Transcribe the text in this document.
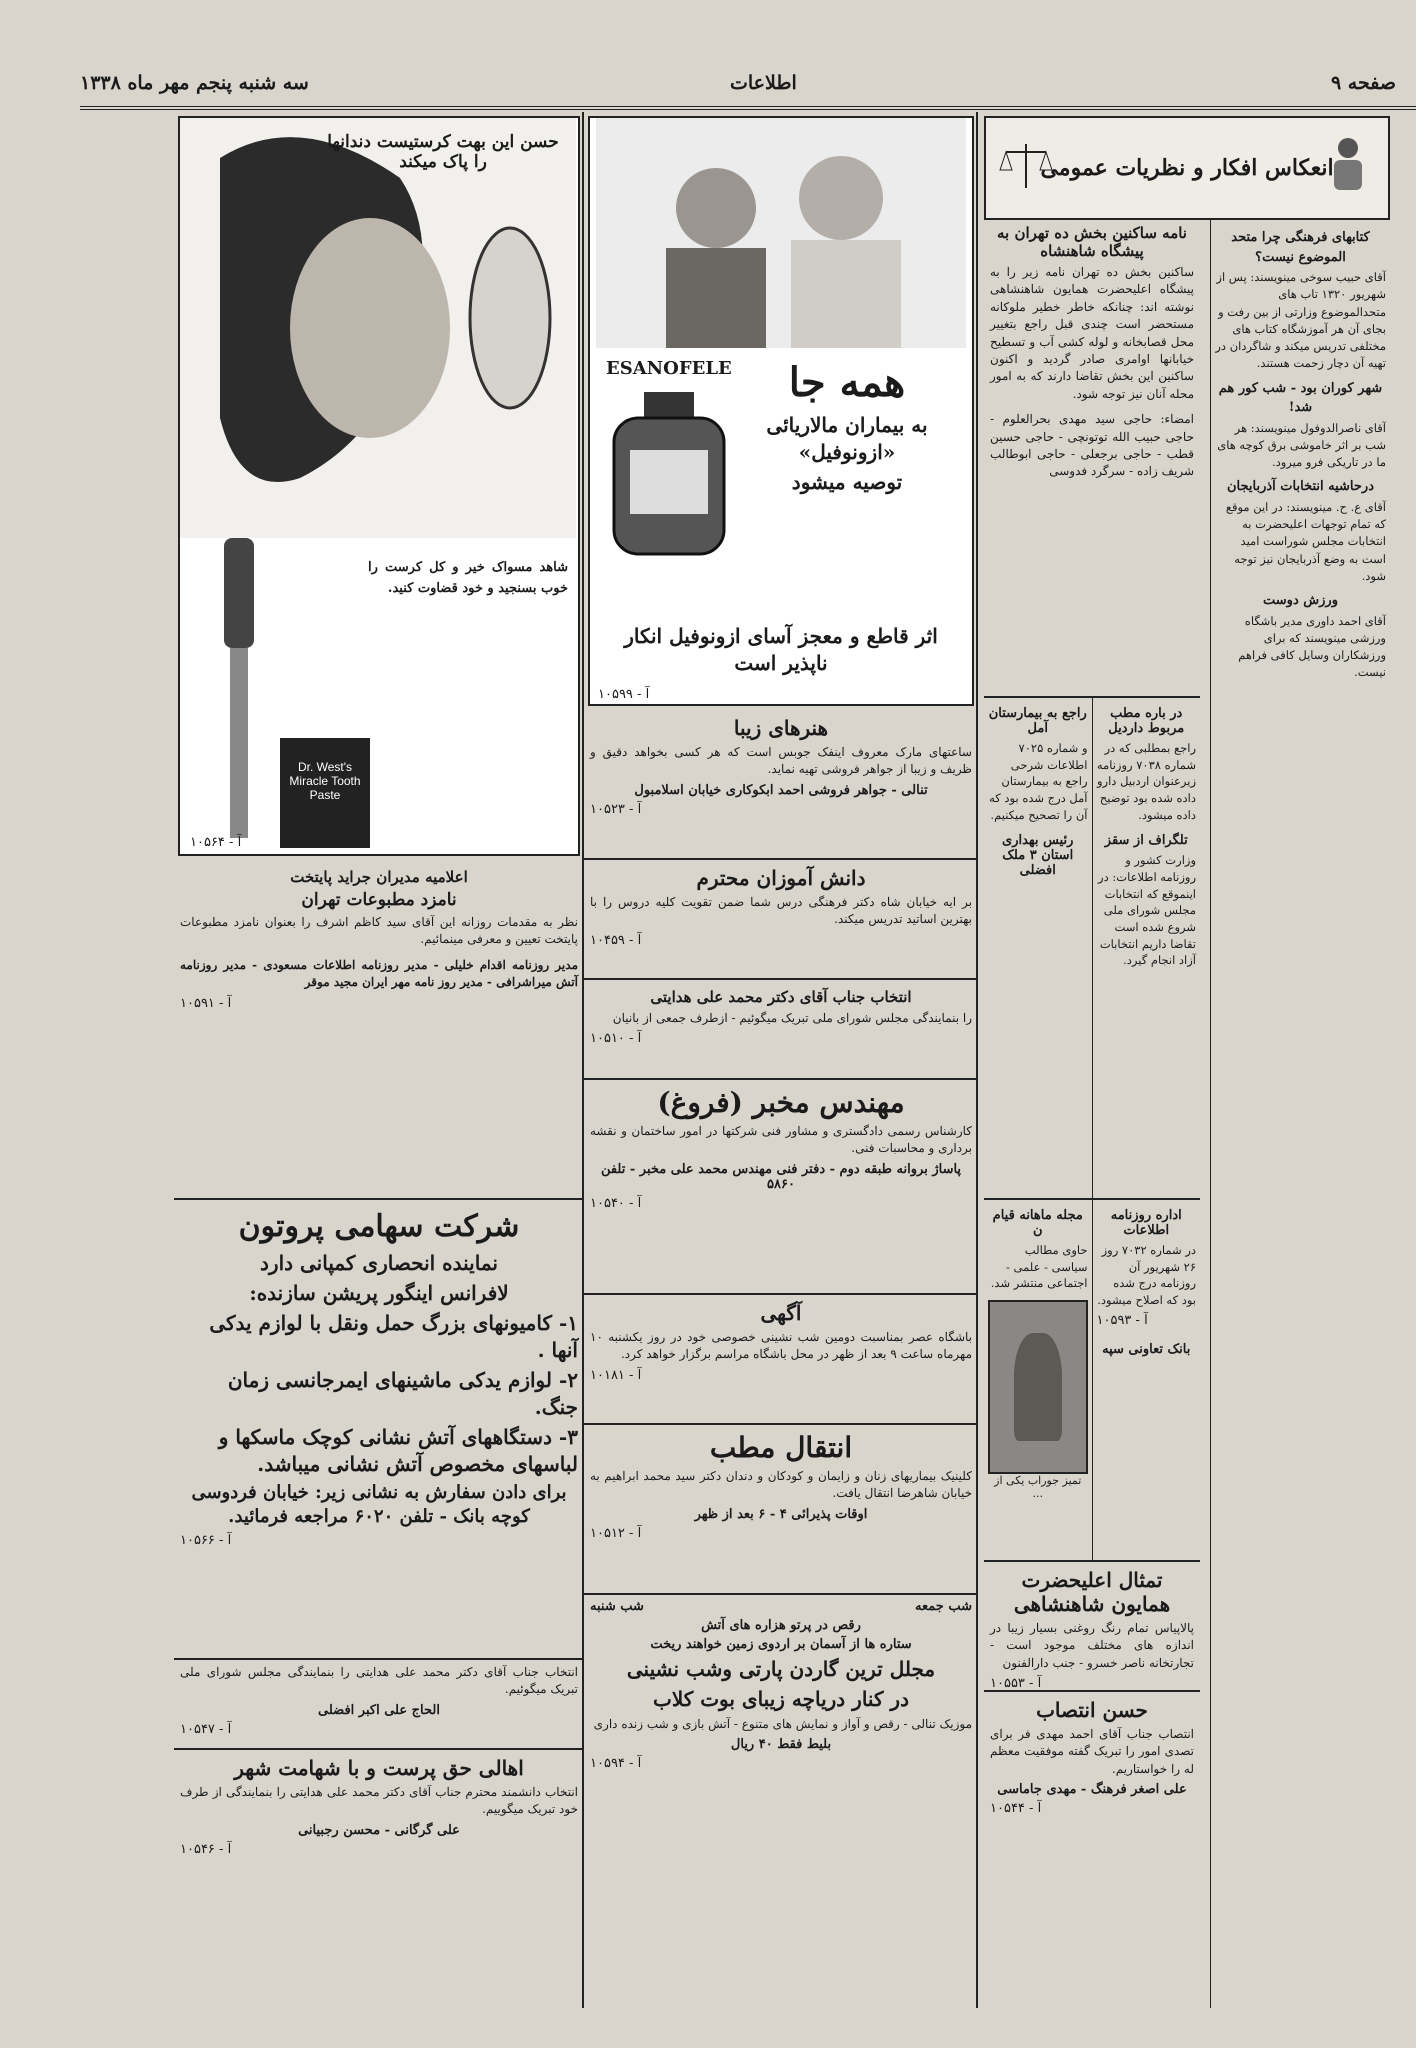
سه شنبه پنجم مهر ماه ۱۳۳۸	اطلاعات	صفحه ۹
انعکاس افکار و نظریات عمومی
کتابهای فرهنگی چرا متحد الموضوع نیست؟
آقای حبیب سوخی مینویسند: پس از شهریور ۱۳۲۰ تاب های متحدالموضوع وزارتی از بین رفت و بجای آن هر آموزشگاه کتاب های مختلفی تدریس میکند و شاگردان در تهیه آن دچار زحمت هستند.
شهر کوران بود - شب کور هم شد!
آقای ناصرالدوفول مینویسند: هر شب بر اثر خاموشی برق کوچه های ما در تاریکی فرو میرود.
درحاشیه انتخابات آذربایجان
آقای ع. ح. مینویسند: در این موقع که تمام توجهات اعلیحضرت به انتخابات مجلس شوراست امید است به وضع آذربایجان نیز توجه شود.
ورزش دوست
آقای احمد داوری مدیر باشگاه ورزشی مینویسند که برای ورزشکاران وسایل کافی فراهم نیست.
نامه ساکنین بخش ده تهران به پیشگاه شاهنشاه

ساکنین بخش ده تهران نامه زیر را به پیشگاه اعلیحضرت همایون شاهنشاهی نوشته اند: چنانکه خاطر خطیر ملوکانه مستحضر است چندی قبل راجع بتغییر محل قصابخانه و لوله کشی آب و تسطیح خیابانها اوامری صادر گردید و اکنون ساکنین این بخش تقاضا دارند که به امور محله آنان نیز توجه شود.

امضاء: حاجی سید مهدی بحرالعلوم - حاجی حبیب الله توتونچی - حاجی حسین قطب - حاجی برجعلی - حاجی ابوطالب شریف زاده - سرگرد فدوسی

در باره مطب مربوط داردیل

راجع بمطلبی که در شماره ۷۰۳۸ روزنامه زیرعنوان اردبیل دارو داده شده بود توضیح داده میشود.

تلگراف از سقز

وزارت کشور و روزنامه اطلاعات: در اینموقع که انتخابات مجلس شورای ملی شروع شده است تقاضا داریم انتخابات آزاد انجام گیرد.

راجع به بیمارستان آمل

و شماره ۷۰۲۵ اطلاعات شرحی راجع به بیمارستان آمل درج شده بود که آن را تصحیح میکنیم.

رئیس بهداری استان ۳ ملک افضلی
اداره روزنامه اطلاعات

در شماره ۷۰۳۲ روز ۲۶ شهریور آن روزنامه درج شده بود که اصلاح میشود.

آ - ۱۰۵۹۳
بانک تعاونی سپه
مجله ماهانه قیام ن

حاوی مطالب سیاسی - علمی - اجتماعی منتشر شد.

تمیز جوراب یکی از ...
تمثال اعلیحضرت همایون شاهنشاهی

پالاپیاس تمام رنگ روغنی بسیار زیبا در اندازه های مختلف موجود است - تجارتخانه ناصر خسرو - جنب دارالفنون

آ - ۱۰۵۵۳
حسن انتصاب

انتصاب جناب آقای احمد مهدی فر برای تصدی امور را تبریک گفته موفقیت معظم له را خواستاریم.

علی اصغر فرهنگ - مهدی جاماسی
آ - ۱۰۵۴۴
ESANOFELE	همه جا
به بیماران مالاریائی «ازونوفیل»
توصیه میشود
اثر قاطع و معجز آسای ازونوفیل انکار ناپذیر است
آ - ۱۰۵۹۹
هنرهای زیبا

ساعتهای مارک معروف اینفک جوبس است که هر کسی بخواهد دقیق و ظریف و زیبا از جواهر فروشی تهیه نماید.

تنالی - جواهر فروشی احمد ابکوکاری خیابان اسلامبول
آ - ۱۰۵۲۳
دانش آموزان محترم

بر ایه خیابان شاه دکتر فرهنگی درس شما ضمن تقویت کلیه دروس را با بهترین اساتید تدریس میکند.

آ - ۱۰۴۵۹
انتخاب جناب آقای دکتر محمد علی هدایتی

را بنمایندگی مجلس شورای ملی تبریک میگوئیم - ازطرف جمعی از بانیان

آ - ۱۰۵۱۰
مهندس مخبر (فروغ)

کارشناس رسمی دادگستری و مشاور فنی شرکتها در امور ساختمان و نقشه برداری و محاسبات فنی.

پاساژ بروانه طبقه دوم - دفتر فنی مهندس محمد علی مخبر - تلفن ۵۸۶۰
آ - ۱۰۵۴۰
آگهی

باشگاه عصر بمناسبت دومین شب نشینی خصوصی خود در روز یکشنبه ۱۰ مهرماه ساعت ۹ بعد از ظهر در محل باشگاه مراسم برگزار خواهد کرد.

آ - ۱۰۱۸۱
انتقال مطب

کلینیک بیماریهای زنان و زایمان و کودکان و دندان دکتر سید محمد ابراهیم به خیابان شاهرضا انتقال یافت.

اوقات پذیرائی ۴ - ۶ بعد از ظهر
آ - ۱۰۵۱۲
شب جمعه
شب شنبه
رقص در پرتو هزاره های آتش
ستاره ها از آسمان بر اردوی زمین خواهند ریخت
مجلل ترین گاردن پارتی وشب نشینی
در کنار دریاچه زیبای بوت کلاب

موزیک تنالی - رقص و آواز و نمایش های متنوع - آتش بازی و شب زنده داری

بلیط فقط ۴۰ ریال
آ - ۱۰۵۹۴
حسن این بهت کرستیست دندانها را پاک میکند
Dr. West's Miracle Tooth Paste

شاهد مسواک خیر و کل کرست را خوب بسنجید و خود قضاوت کنید.

آ - ۱۰۵۶۴
اعلامیه مدیران جراید پایتخت
نامزد مطبوعات تهران

نظر به مقدمات روزانه این آقای سید کاظم اشرف را بعنوان نامزد مطبوعات پایتخت تعیین و معرفی مینمائیم.

مدیر روزنامه اقدام خلیلی - مدیر روزنامه اطلاعات مسعودی - مدیر روزنامه آتش میراشرافی - مدیر روز نامه مهر ایران مجید موقر

آ - ۱۰۵۹۱
شرکت سهامی پروتون
نماینده انحصاری کمپانی دارد
لافرانس اینگور پریشن سازنده:
۱- کامیونهای بزرگ حمل ونقل با لوازم یدکی آنها .
۲- لوازم یدکی ماشینهای ایمرجانسی زمان جنگ.
۳- دستگاههای آتش نشانی کوچک ماسکها و لباسهای مخصوص آتش نشانی میباشد.
برای دادن سفارش به نشانی زیر: خیابان فردوسی کوچه بانک - تلفن ۶۰۲۰ مراجعه فرمائید.
آ - ۱۰۵۶۶

انتخاب جناب آقای دکتر محمد علی هدایتی را بنمایندگی مجلس شورای ملی تبریک میگوئیم.

الحاج علی اکبر افضلی
آ - ۱۰۵۴۷
اهالی حق پرست و با شهامت شهر

انتخاب دانشمند محترم جناب آقای دکتر محمد علی هدایتی را بنمایندگی از طرف خود تبریک میگوییم.

علی گرگانی - محسن رجبیانی
آ - ۱۰۵۴۶
